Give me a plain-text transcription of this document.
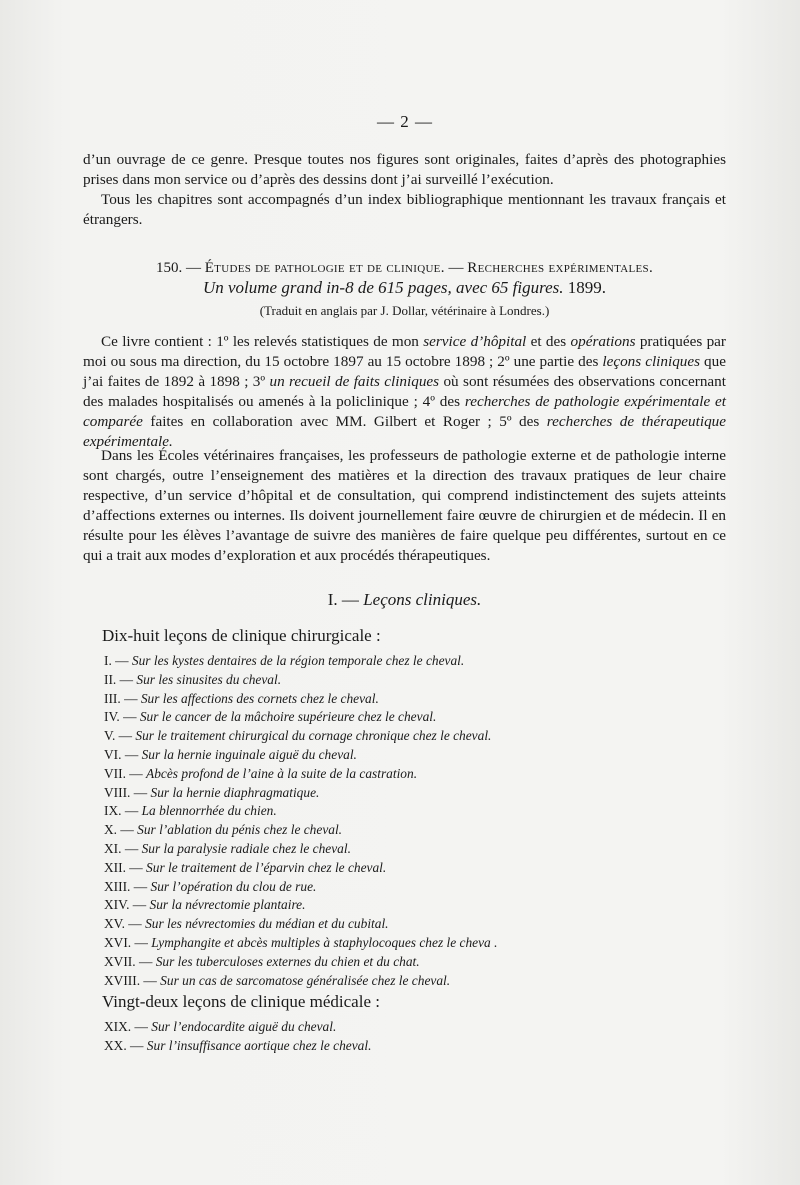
— 2 —
d’un ouvrage de ce genre. Presque toutes nos figures sont originales, faites d’après des photographies prises dans mon service ou d’après des dessins dont j’ai surveillé l’exécution.
Tous les chapitres sont accompagnés d’un index bibliographique mentionnant les travaux français et étrangers.
150. — Études de pathologie et de clinique. — Recherches expérimentales.
Un volume grand in-8 de 615 pages, avec 65 figures. 1899.
(Traduit en anglais par J. Dollar, vétérinaire à Londres.)
Ce livre contient : 1º les relevés statistiques de mon service d’hôpital et des opérations pratiquées par moi ou sous ma direction, du 15 octobre 1897 au 15 octobre 1898 ; 2º une partie des leçons cliniques que j’ai faites de 1892 à 1898 ; 3º un recueil de faits cliniques où sont résumées des observations concernant des malades hospitalisés ou amenés à la policlinique ; 4º des recherches de pathologie expérimentale et comparée faites en collaboration avec MM. Gilbert et Roger ; 5º des recherches de thérapeutique expérimentale.
Dans les Écoles vétérinaires françaises, les professeurs de pathologie externe et de pathologie interne sont chargés, outre l’enseignement des matières et la direction des travaux pratiques de leur chaire respective, d’un service d’hôpital et de consultation, qui comprend indistinctement des sujets atteints d’affections externes ou internes. Ils doivent journellement faire œuvre de chirurgien et de médecin. Il en résulte pour les élèves l’avantage de suivre des manières de faire quelque peu différentes, surtout en ce qui a trait aux modes d’exploration et aux procédés thérapeutiques.
I. — Leçons cliniques.
Dix-huit leçons de clinique chirurgicale :
I. — Sur les kystes dentaires de la région temporale chez le cheval.
II. — Sur les sinusites du cheval.
III. — Sur les affections des cornets chez le cheval.
IV. — Sur le cancer de la mâchoire supérieure chez le cheval.
V. — Sur le traitement chirurgical du cornage chronique chez le cheval.
VI. — Sur la hernie inguinale aiguë du cheval.
VII. — Abcès profond de l’aine à la suite de la castration.
VIII. — Sur la hernie diaphragmatique.
IX. — La blennorrhée du chien.
X. — Sur l’ablation du pénis chez le cheval.
XI. — Sur la paralysie radiale chez le cheval.
XII. — Sur le traitement de l’éparvin chez le cheval.
XIII. — Sur l’opération du clou de rue.
XIV. — Sur la névrectomie plantaire.
XV. — Sur les névrectomies du médian et du cubital.
XVI. — Lymphangite et abcès multiples à staphylocoques chez le cheva .
XVII. — Sur les tuberculoses externes du chien et du chat.
XVIII. — Sur un cas de sarcomatose généralisée chez le cheval.
Vingt-deux leçons de clinique médicale :
XIX. — Sur l’endocardite aiguë du cheval.
XX. — Sur l’insuffisance aortique chez le cheval.
